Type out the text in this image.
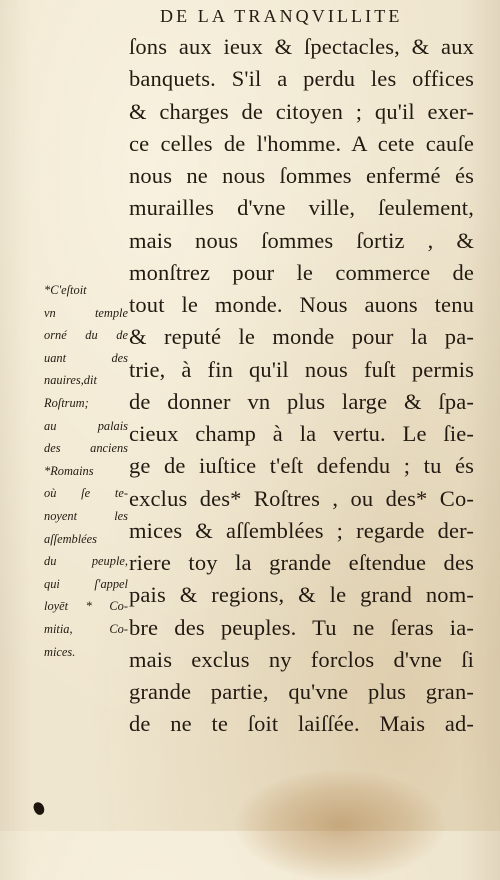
DE LA TRANQVILLITE
ſons aux ieux & ſpectacles, & aux
banquets. S'il a perdu les offices
& charges de citoyen ; qu'il exer-
ce celles de l'homme. A cete cauſe
nous ne nous ſommes enfermé és
murailles d'vne ville, ſeulement,
mais nous ſommes ſortiz , &
monſtrez pour le commerce de
tout le monde. Nous auons tenu
& reputé le monde pour la pa-
trie, à fin qu'il nous fuſt permis
de donner vn plus large & ſpa-
cieux champ à la vertu. Le ſie-
ge de iuſtice t'eſt defendu ; tu és
exclus des* Roſtres , ou des* Co-
mices & aſſemblées ; regarde der-
riere toy la grande eſtendue des
pais & regions, & le grand nom-
bre des peuples. Tu ne ſeras ia-
mais exclus ny forclos d'vne ſi
grande partie, qu'vne plus gran-
de ne te ſoit laiſſée. Mais ad-
*C'eſtoit
vn temple
orné du de
uant des
nauires,dit
Roſtrum;
au palais
des anciens
*Romains
où ſe te-
noyent les
aſſemblées
du peuple,
qui ſ'appel
loyēt * Co-
mitia, Co-
mices.
